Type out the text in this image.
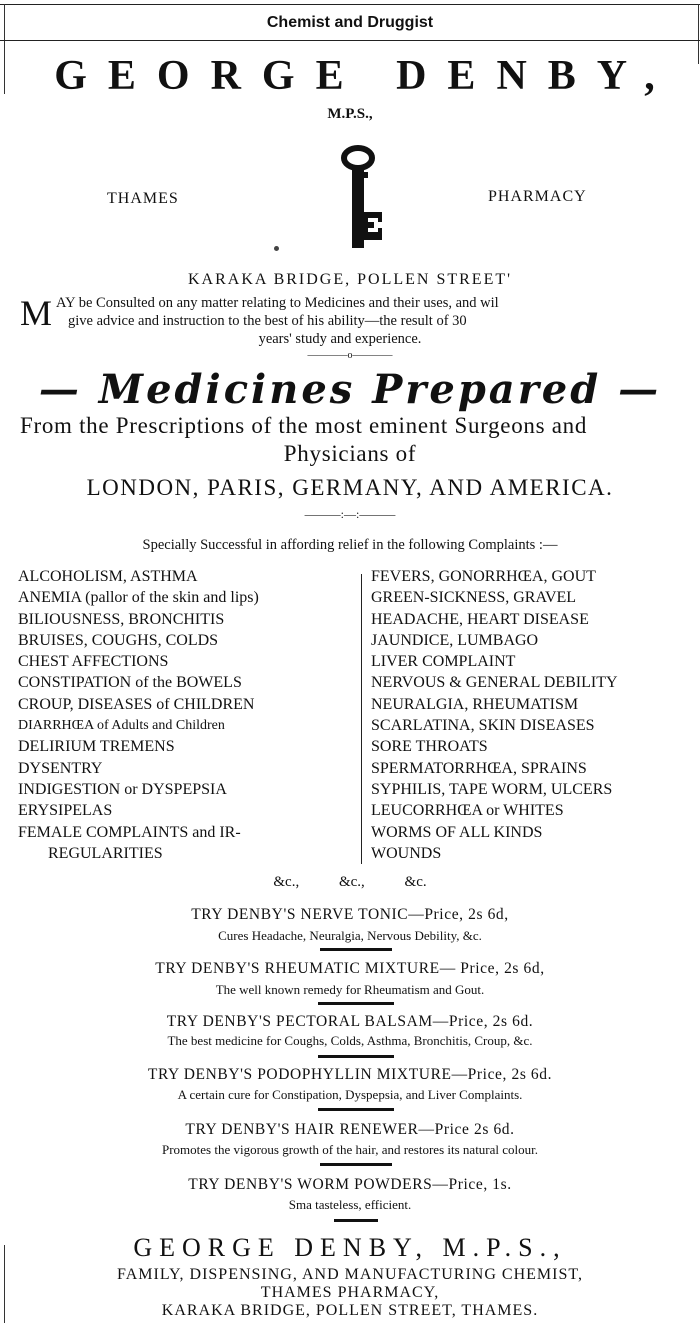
Chemist and Druggist
GEORGE DENBY,
M.P.S.,
THAMES	PHARMACY
KARAKA BRIDGE, POLLEN STREET'
M AY be Consulted on any matter relating to Medicines and their uses, and wil
give advice and instruction to the best of his ability—the result of 30
years' study and experience.
————o————
— Medicines Prepared —
From the Prescriptions of the most eminent Surgeons and
Physicians of
LONDON, PARIS, GERMANY, AND AMERICA.
———:—:———
Specially Successful in affording relief in the following Complaints :—
ALCOHOLISM, ASTHMA
ANEMIA (pallor of the skin and lips)
BILIOUSNESS, BRONCHITIS
BRUISES, COUGHS, COLDS
CHEST AFFECTIONS
CONSTIPATION of the BOWELS
CROUP, DISEASES of CHILDREN
DIARRHŒA of Adults and Children
DELIRIUM TREMENS
DYSENTRY
INDIGESTION or DYSPEPSIA
ERYSIPELAS
FEMALE COMPLAINTS and IR-
REGULARITIES
FEVERS, GONORRHŒA, GOUT
GREEN-SICKNESS, GRAVEL
HEADACHE, HEART DISEASE
JAUNDICE, LUMBAGO
LIVER COMPLAINT
NERVOUS & GENERAL DEBILITY
NEURALGIA, RHEUMATISM
SCARLATINA, SKIN DISEASES
SORE THROATS
SPERMATORRHŒA, SPRAINS
SYPHILIS, TAPE WORM, ULCERS
LEUCORRHŒA or WHITES
WORMS OF ALL KINDS
WOUNDS
&c.,	&c.,	&c.
TRY DENBY'S NERVE TONIC—Price, 2s 6d,
Cures Headache, Neuralgia, Nervous Debility, &c.
TRY DENBY'S RHEUMATIC MIXTURE— Price, 2s 6d,
The well known remedy for Rheumatism and Gout.
TRY DENBY'S PECTORAL BALSAM—Price, 2s 6d.
The best medicine for Coughs, Colds, Asthma, Bronchitis, Croup, &c.
TRY DENBY'S PODOPHYLLIN MIXTURE—Price, 2s 6d.
A certain cure for Constipation, Dyspepsia, and Liver Complaints.
TRY DENBY'S HAIR RENEWER—Price 2s 6d.
Promotes the vigorous growth of the hair, and restores its natural colour.
TRY DENBY'S WORM POWDERS—Price, 1s.
Sma tasteless, efficient.
GEORGE DENBY, M.P.S.,
FAMILY, DISPENSING, AND MANUFACTURING CHEMIST,
THAMES PHARMACY,
KARAKA BRIDGE, POLLEN STREET, THAMES.
